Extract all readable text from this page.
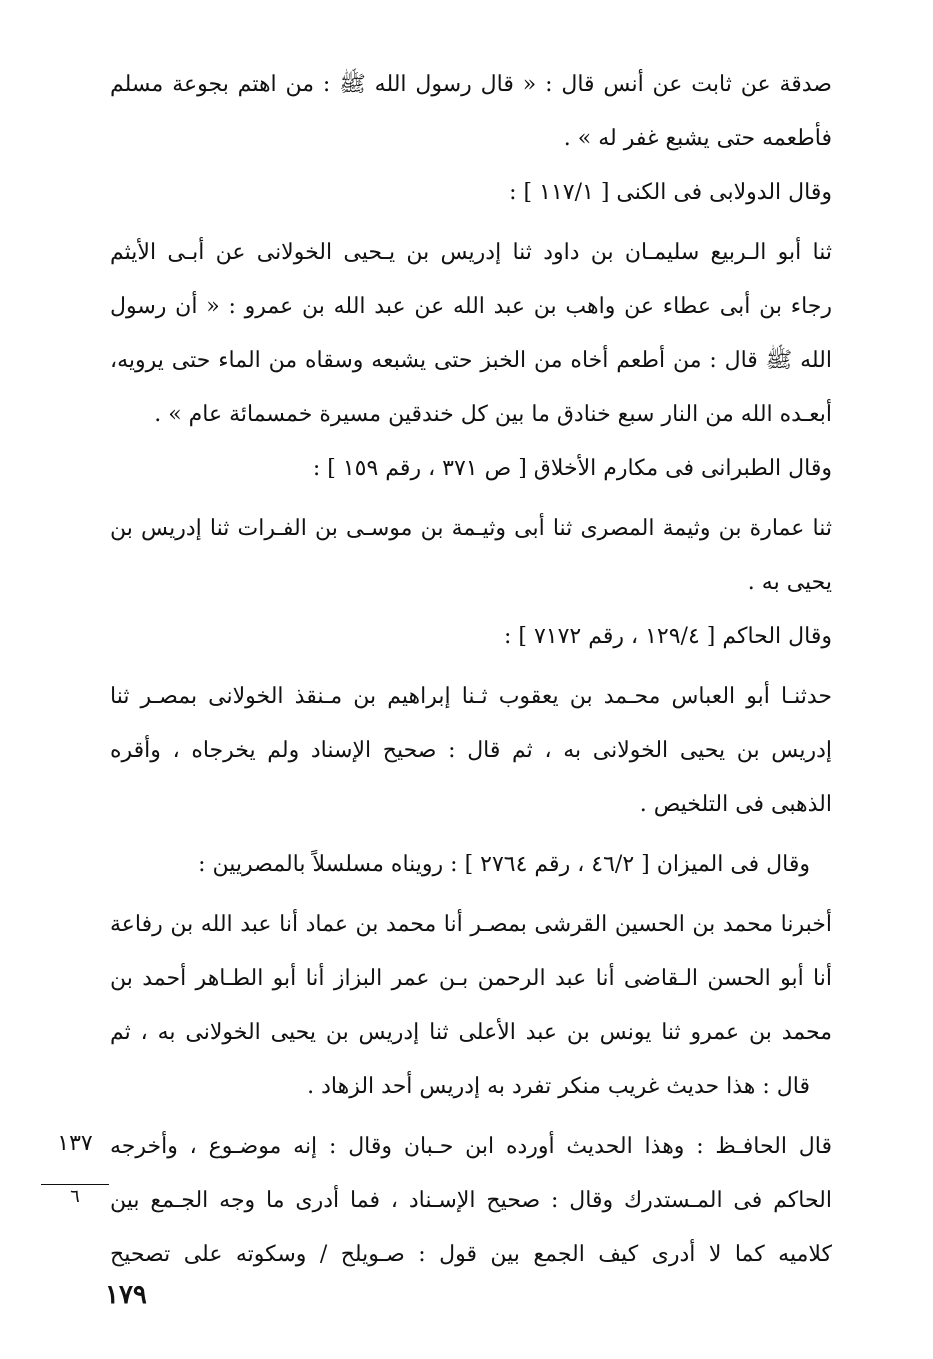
صدقة عن ثابت عن أنس قال : « قال رسول الله ﷺ : من اهتم بجوعة مسلم
فأطعمه حتى يشبع غفر له » .
وقال الدولابى فى الكنى [ ١١٧/١ ] :
ثنا أبو الـربيع سليمـان بن داود ثنا إدريس بن يـحيى الخولانى عن أبـى الأيثم
رجاء بن أبى عطاء عن واهب بن عبد الله عن عبد الله بن عمرو : « أن رسول
الله ﷺ قال : من أطعم أخاه من الخبز حتى يشبعه وسقاه من الماء حتى يرويه،
أبعـده الله من النار سبع خنادق ما بين كل خندقين مسيرة خمسمائة عام » .
وقال الطبرانى فى مكارم الأخلاق [ ص ٣٧١ ، رقم ١٥٩ ] :
ثنا عمارة بن وثيمة المصرى ثنا أبى وثيـمة بن موسـى بن الفـرات ثنا إدريس بن
يحيى به .
وقال الحاكم [ ١٢٩/٤ ، رقم ٧١٧٢ ] :
حدثنـا أبو العباس محـمد بن يعقوب ثـنا إبراهيم بن مـنقذ الخولانى بمصـر ثنا
إدريس بن يحيى الخولانى به ، ثم قال : صحيح الإسناد ولم يخرجاه ، وأقره
الذهبى فى التلخيص .
وقال فى الميزان [ ٤٦/٢ ، رقم ٢٧٦٤ ] : رويناه مسلسلاً بالمصريين :
أخبرنا محمد بن الحسين القرشى بمصـر أنا محمد بن عماد أنا عبد الله بن رفاعة
أنا أبو الحسن الـقاضى أنا عبد الرحمن بـن عمر البزاز أنا أبو الطـاهر أحمد بن
محمد بن عمرو ثنا يونس بن عبد الأعلى ثنا إدريس بن يحيى الخولانى به ، ثم
قال : هذا حديث غريب منكر تفرد به إدريس أحد الزهاد .
قال الحافـظ : وهذا الحديث أورده ابن حـبان وقال : إنه موضـوع ، وأخرجه
الحاكم فى المـستدرك وقال : صحيح الإسـناد ، فما أدرى ما وجه الجـمع بين
كلاميه كما لا أدرى كيف الجمع بين قول : صـويلح / وسكوته على تصحيح
١٣٧
٦
١٧٩
